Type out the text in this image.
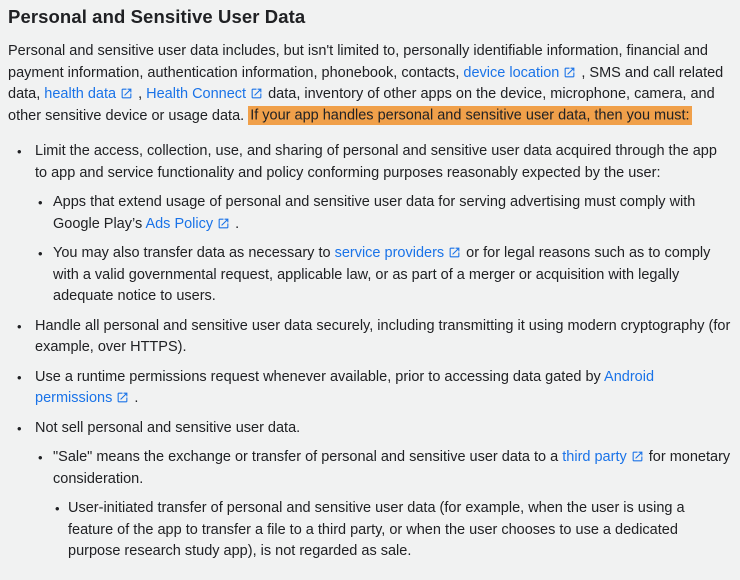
Personal and Sensitive User Data

Personal and sensitive user data includes, but isn't limited to, personally identifiable information, financial and payment information, authentication information, phonebook, contacts, device location , SMS and call related data, health data , Health Connect data, inventory of other apps on the device, microphone, camera, and other sensitive device or usage data. If your app handles personal and sensitive user data, then you must:

• Limit the access, collection, use, and sharing of personal and sensitive user data acquired through the app to app and service functionality and policy conforming purposes reasonably expected by the user:
• Apps that extend usage of personal and sensitive user data for serving advertising must comply with Google Play’s Ads Policy .
• You may also transfer data as necessary to service providers or for legal reasons such as to comply with a valid governmental request, applicable law, or as part of a merger or acquisition with legally adequate notice to users.
• Handle all personal and sensitive user data securely, including transmitting it using modern cryptography (for example, over HTTPS).
• Use a runtime permissions request whenever available, prior to accessing data gated by Android permissions .
• Not sell personal and sensitive user data.
• "Sale" means the exchange or transfer of personal and sensitive user data to a third party for monetary consideration.
• User-initiated transfer of personal and sensitive user data (for example, when the user is using a feature of the app to transfer a file to a third party, or when the user chooses to use a dedicated purpose research study app), is not regarded as sale.
